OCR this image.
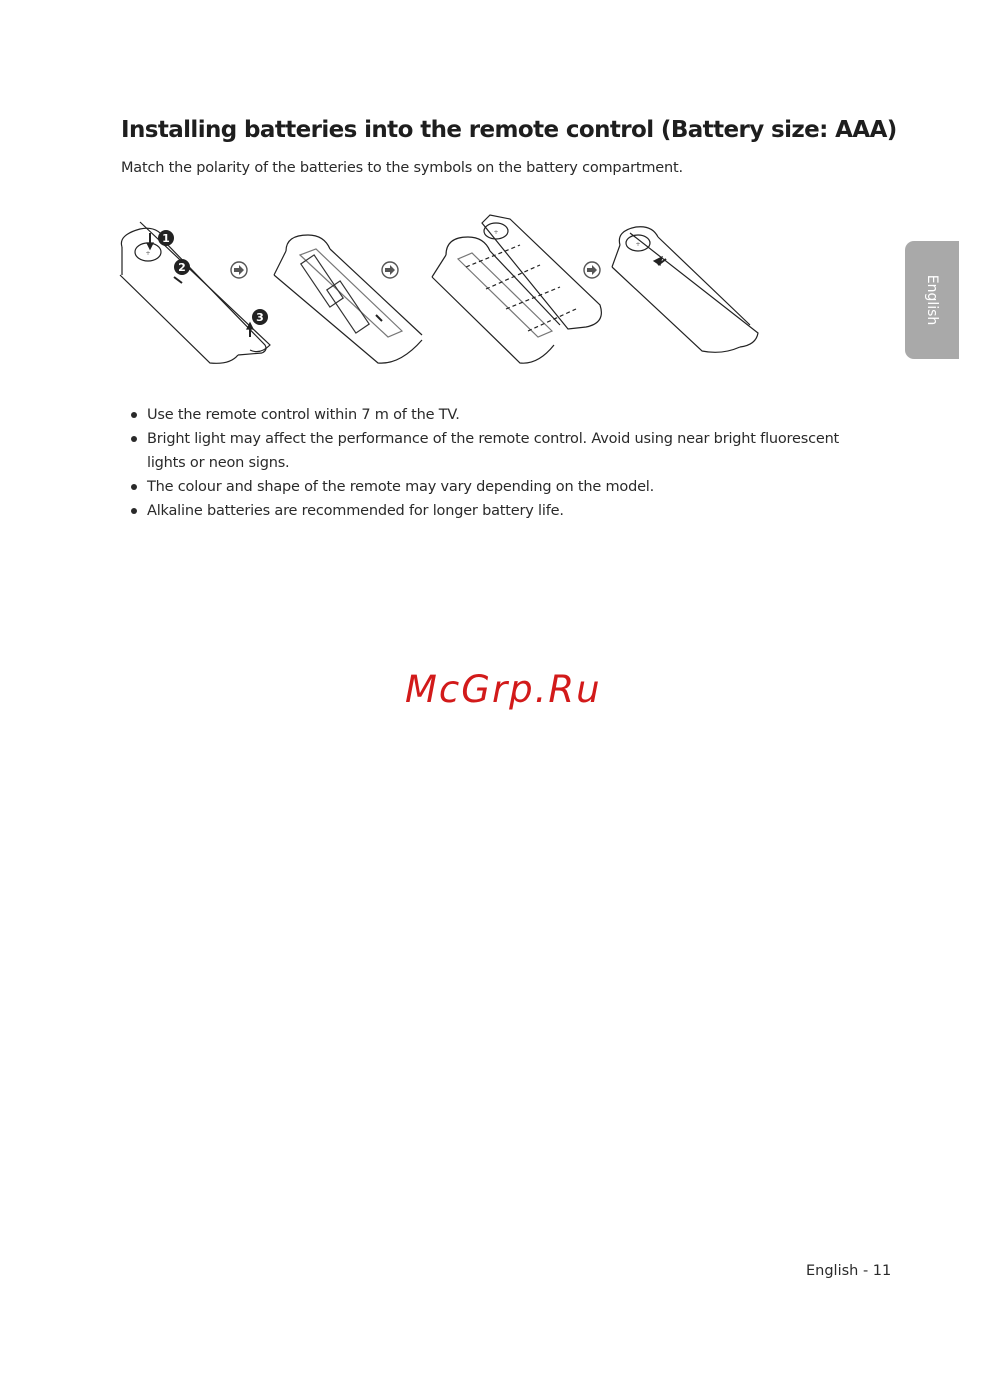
Installing batteries into the remote control (Battery size: AAA)

Match the polarity of the batteries to the symbols on the battery compartment.

+
1
2
3
+
+
Use the remote control within 7 m of the TV.
Bright light may affect the performance of the remote control. Avoid using near bright fluorescent lights or neon signs.
The colour and shape of the remote may vary depending on the model.
Alkaline batteries are recommended for longer battery life.
English

McGrp.Ru

English - 11
